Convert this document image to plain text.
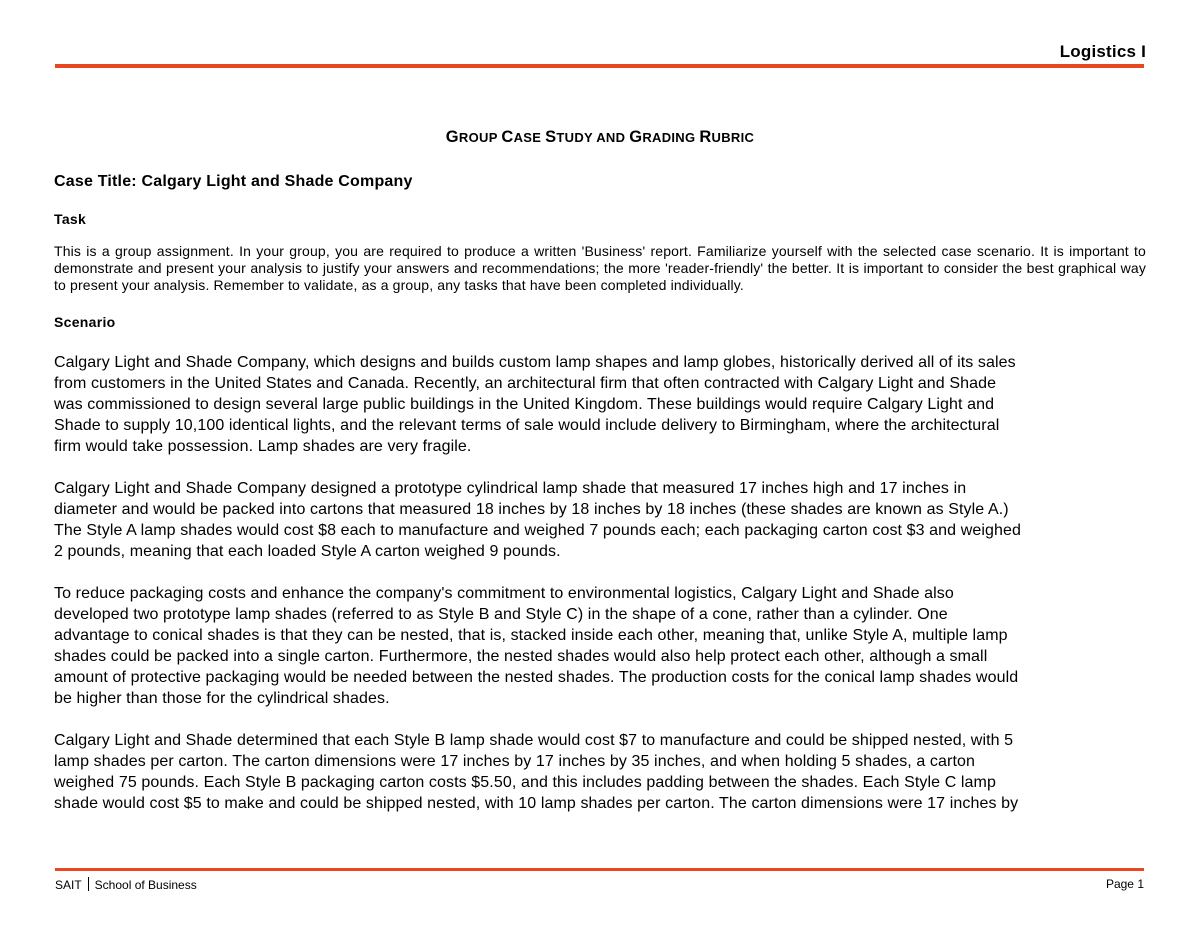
Logistics I
GROUP CASE STUDY AND GRADING RUBRIC
Case Title: Calgary Light and Shade Company
Task
This is a group assignment. In your group, you are required to produce a written 'Business' report. Familiarize yourself with the selected case scenario. It is important to demonstrate and present your analysis to justify your answers and recommendations; the more 'reader-friendly' the better. It is important to consider the best graphical way to present your analysis. Remember to validate, as a group, any tasks that have been completed individually.
Scenario
Calgary Light and Shade Company, which designs and builds custom lamp shapes and lamp globes, historically derived all of its sales
from customers in the United States and Canada. Recently, an architectural firm that often contracted with Calgary Light and Shade
was commissioned to design several large public buildings in the United Kingdom. These buildings would require Calgary Light and
Shade to supply 10,100 identical lights, and the relevant terms of sale would include delivery to Birmingham, where the architectural
firm would take possession. Lamp shades are very fragile.
Calgary Light and Shade Company designed a prototype cylindrical lamp shade that measured 17 inches high and 17 inches in
diameter and would be packed into cartons that measured 18 inches by 18 inches by 18 inches (these shades are known as Style A.)
The Style A lamp shades would cost $8 each to manufacture and weighed 7 pounds each; each packaging carton cost $3 and weighed
2 pounds, meaning that each loaded Style A carton weighed 9 pounds.
To reduce packaging costs and enhance the company's commitment to environmental logistics, Calgary Light and Shade also
developed two prototype lamp shades (referred to as Style B and Style C) in the shape of a cone, rather than a cylinder. One
advantage to conical shades is that they can be nested, that is, stacked inside each other, meaning that, unlike Style A, multiple lamp
shades could be packed into a single carton. Furthermore, the nested shades would also help protect each other, although a small
amount of protective packaging would be needed between the nested shades. The production costs for the conical lamp shades would
be higher than those for the cylindrical shades.
Calgary Light and Shade determined that each Style B lamp shade would cost $7 to manufacture and could be shipped nested, with 5
lamp shades per carton. The carton dimensions were 17 inches by 17 inches by 35 inches, and when holding 5 shades, a carton
weighed 75 pounds. Each Style B packaging carton costs $5.50, and this includes padding between the shades. Each Style C lamp
shade would cost $5 to make and could be shipped nested, with 10 lamp shades per carton. The carton dimensions were 17 inches by
SAIT School of Business	Page 1
